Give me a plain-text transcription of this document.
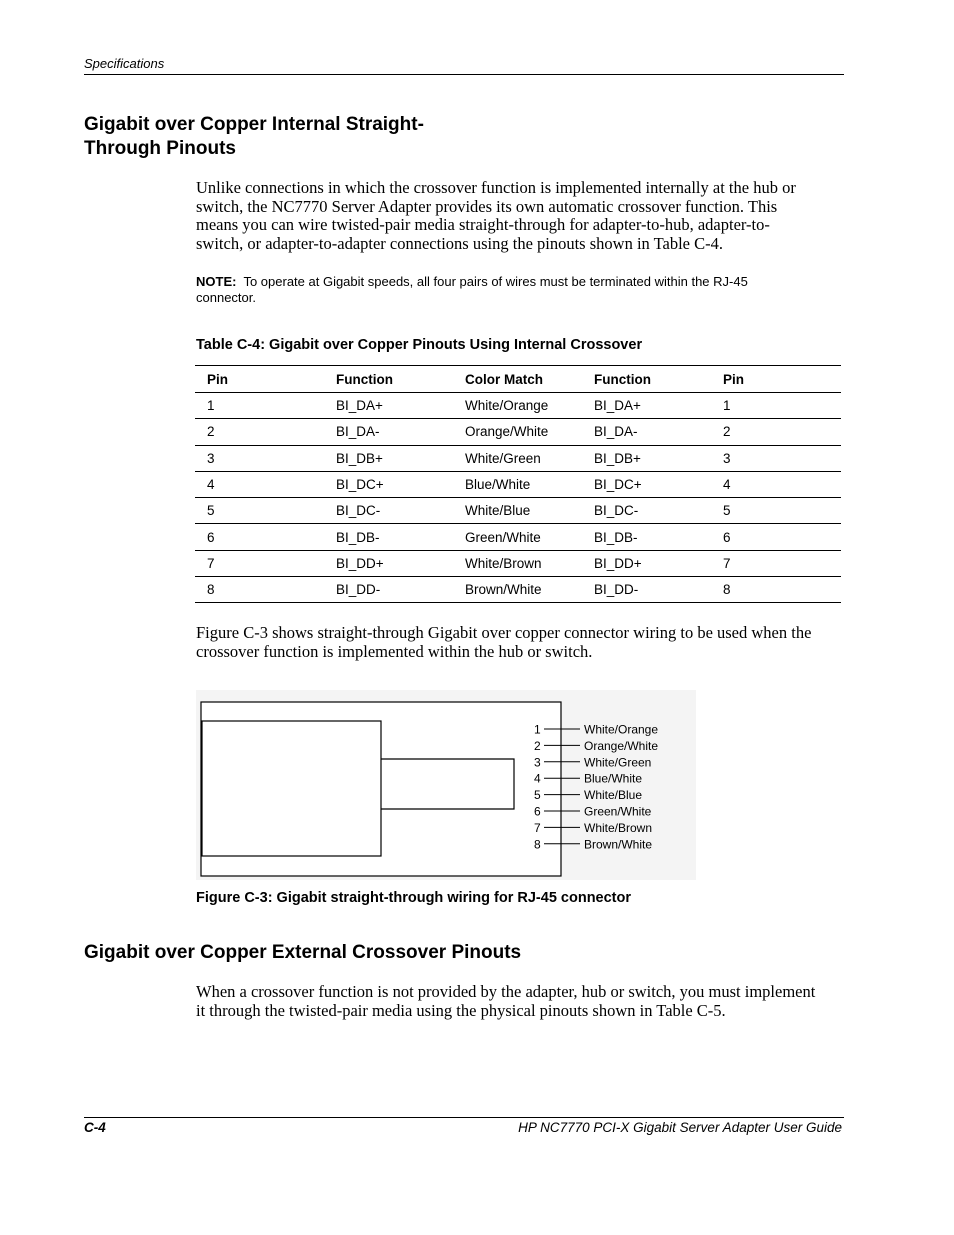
Specifications
Gigabit over Copper Internal Straight-
Through Pinouts
Unlike connections in which the crossover function is implemented internally at the hub or
switch, the NC7770 Server Adapter provides its own automatic crossover function. This
means you can wire twisted-pair media straight-through for adapter-to-hub, adapter-to-
switch, or adapter-to-adapter connections using the pinouts shown in Table C-4.
NOTE: To operate at Gigabit speeds, all four pairs of wires must be terminated within the RJ-45
connector.
Table C-4: Gigabit over Copper Pinouts Using Internal Crossover
Pin	Function	Color Match	Function	Pin
1	BI_DA+	White/Orange	BI_DA+	1
2	BI_DA-	Orange/White	BI_DA-	2
3	BI_DB+	White/Green	BI_DB+	3
4	BI_DC+	Blue/White	BI_DC+	4
5	BI_DC-	White/Blue	BI_DC-	5
6	BI_DB-	Green/White	BI_DB-	6
7	BI_DD+	White/Brown	BI_DD+	7
8	BI_DD-	Brown/White	BI_DD-	8
Figure C-3 shows straight-through Gigabit over copper connector wiring to be used when the
crossover function is implemented within the hub or switch.
1	White/Orange
2	Orange/White
3	White/Green
4	Blue/White
5	White/Blue
6	Green/White
7	White/Brown
8	Brown/White
Figure C-3: Gigabit straight-through wiring for RJ-45 connector
Gigabit over Copper External Crossover Pinouts
When a crossover function is not provided by the adapter, hub or switch, you must implement
it through the twisted-pair media using the physical pinouts shown in Table C-5.
C-4	HP NC7770 PCI-X Gigabit Server Adapter User Guide
